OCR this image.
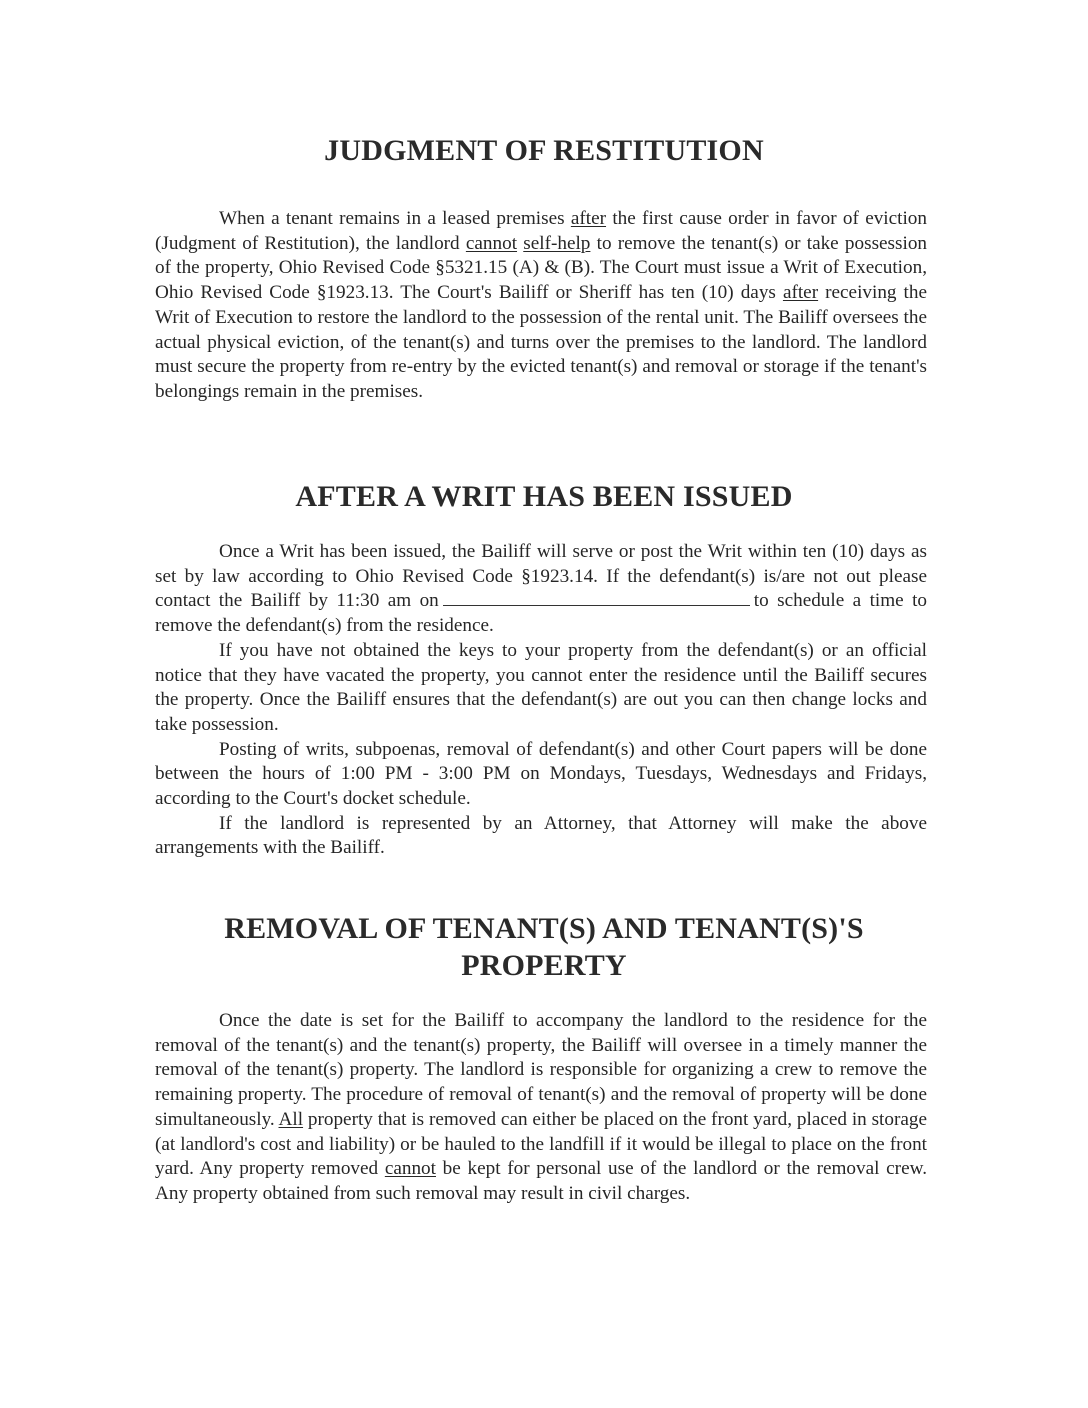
JUDGMENT OF RESTITUTION

When a tenant remains in a leased premises after the first cause order in favor of eviction (Judgment of Restitution), the landlord cannot self-help to remove the tenant(s) or take possession of the property, Ohio Revised Code §5321.15 (A) & (B). The Court must issue a Writ of Execution, Ohio Revised Code §1923.13. The Court's Bailiff or Sheriff has ten (10) days after receiving the Writ of Execution to restore the landlord to the possession of the rental unit. The Bailiff oversees the actual physical eviction, of the tenant(s) and turns over the premises to the landlord. The landlord must secure the property from re-entry by the evicted tenant(s) and removal or storage if the tenant's belongings remain in the premises.

AFTER A WRIT HAS BEEN ISSUED

Once a Writ has been issued, the Bailiff will serve or post the Writ within ten (10) days as set by law according to Ohio Revised Code §1923.14. If the defendant(s) is/are not out please contact the Bailiff by 11:30 am on	to schedule a time to remove the defendant(s) from the residence.

If you have not obtained the keys to your property from the defendant(s) or an official notice that they have vacated the property, you cannot enter the residence until the Bailiff secures the property. Once the Bailiff ensures that the defendant(s) are out you can then change locks and take possession.

Posting of writs, subpoenas, removal of defendant(s) and other Court papers will be done between the hours of 1:00 PM - 3:00 PM on Mondays, Tuesdays, Wednesdays and Fridays, according to the Court's docket schedule.

If the landlord is represented by an Attorney, that Attorney will make the above arrangements with the Bailiff.

REMOVAL OF TENANT(S) AND TENANT(S)'S
PROPERTY

Once the date is set for the Bailiff to accompany the landlord to the residence for the removal of the tenant(s) and the tenant(s) property, the Bailiff will oversee in a timely manner the removal of the tenant(s) property. The landlord is responsible for organizing a crew to remove the remaining property. The procedure of removal of tenant(s) and the removal of property will be done simultaneously. All property that is removed can either be placed on the front yard, placed in storage (at landlord's cost and liability) or be hauled to the landfill if it would be illegal to place on the front yard. Any property removed cannot be kept for personal use of the landlord or the removal crew. Any property obtained from such removal may result in civil charges.
